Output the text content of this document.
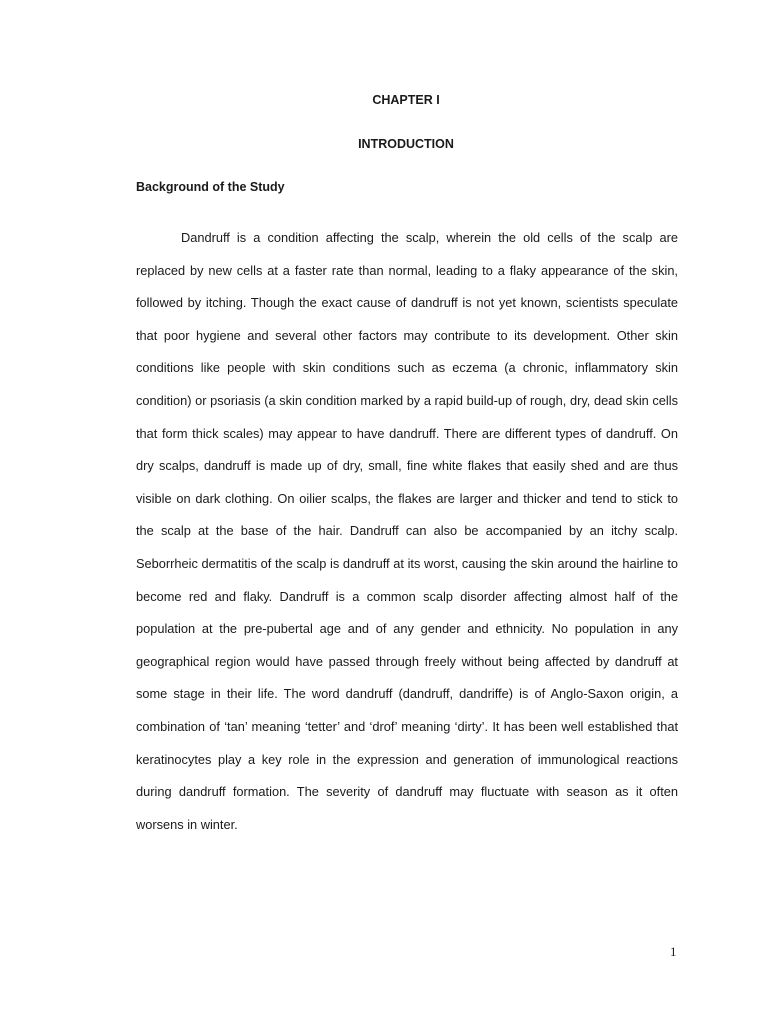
CHAPTER I
INTRODUCTION
Background of the Study

Dandruff is a condition affecting the scalp, wherein the old cells of the scalp are replaced by new cells at a faster rate than normal, leading to a flaky appearance of the skin, followed by itching. Though the exact cause of dandruff is not yet known, scientists speculate that poor hygiene and several other factors may contribute to its development. Other skin conditions like people with skin conditions such as eczema (a chronic, inflammatory skin condition) or psoriasis (a skin condition marked by a rapid build-up of rough, dry, dead skin cells that form thick scales) may appear to have dandruff. There are different types of dandruff. On dry scalps, dandruff is made up of dry, small, fine white flakes that easily shed and are thus visible on dark clothing. On oilier scalps, the flakes are larger and thicker and tend to stick to the scalp at the base of the hair. Dandruff can also be accompanied by an itchy scalp. Seborrheic dermatitis of the scalp is dandruff at its worst, causing the skin around the hairline to become red and flaky. Dandruff is a common scalp disorder affecting almost half of the population at the pre-pubertal age and of any gender and ethnicity. No population in any geographical region would have passed through freely without being affected by dandruff at some stage in their life. The word dandruff (dandruff, dandriffe) is of Anglo-Saxon origin, a combination of ‘tan’ meaning ‘tetter’ and ‘drof’ meaning ‘dirty’. It has been well established that keratinocytes play a key role in the expression and generation of immunological reactions during dandruff formation. The severity of dandruff may fluctuate with season as it often worsens in winter.

1
